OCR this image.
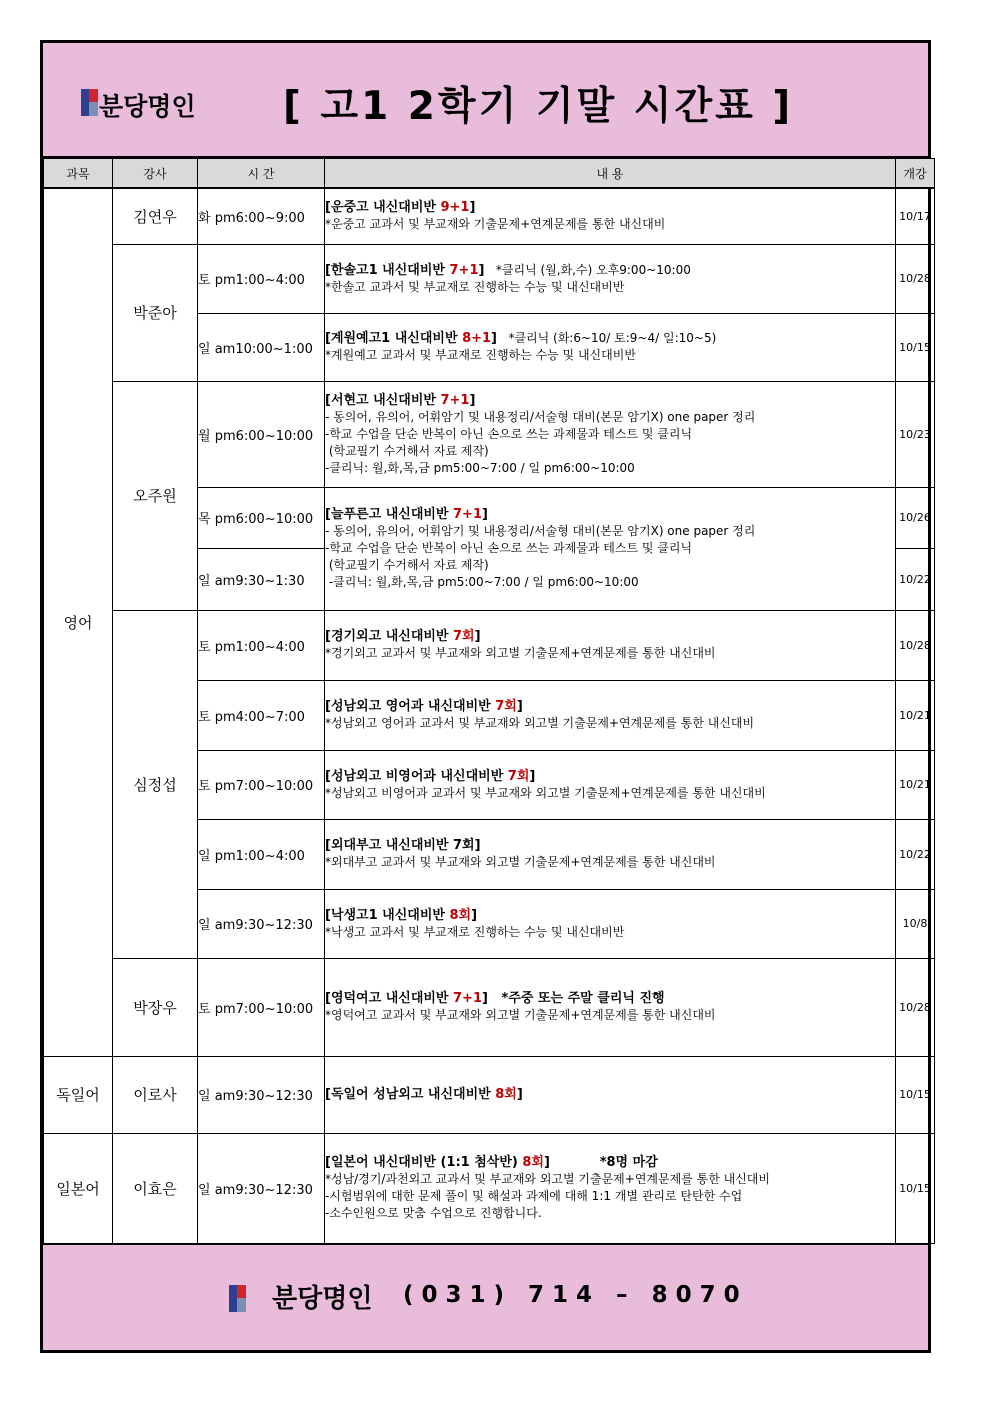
분당명인 [ 고1 2학기 기말 시간표 ]
과목	강사	시 간	내 용	개강
영어	김연우	화 pm6:00~9:00	[운중고 내신대비반 9+1]
*운중고 교과서 및 부교재와 기출문제+연계문제를 통한 내신대비	10/17
	박준아	토 pm1:00~4:00	[한솔고1 내신대비반 7+1]   *클리닉 (월,화,수) 오후9:00~10:00
*한솔고 교과서 및 부교재로 진행하는 수능 및 내신대비반	10/28
		일 am10:00~1:00	[계원예고1 내신대비반 8+1]   *클리닉 (화:6~10/ 토:9~4/ 일:10~5)
*계원예고 교과서 및 부교재로 진행하는 수능 및 내신대비반	10/15
	오주원	월 pm6:00~10:00	[서현고 내신대비반 7+1]
- 동의어, 유의어, 어휘암기 및 내용정리/서술형 대비(본문 암기X) one paper 정리
-학교 수업을 단순 반복이 아닌 손으로 쓰는 과제물과 테스트 및 클리닉
(학교필기 수거해서 자료 제작)
-클리닉: 월,화,목,금 pm5:00~7:00 / 일 pm6:00~10:00	10/23
		목 pm6:00~10:00	[늘푸른고 내신대비반 7+1]
- 동의어, 유의어, 어휘암기 및 내용정리/서술형 대비(본문 암기X) one paper 정리
-학교 수업을 단순 반복이 아닌 손으로 쓰는 과제물과 테스트 및 클리닉
(학교필기 수거해서 자료 제작)
-클리닉: 월,화,목,금 pm5:00~7:00 / 일 pm6:00~10:00	10/26
		일 am9:30~1:30		10/22
	심정섭	토 pm1:00~4:00	[경기외고 내신대비반 7회]
*경기외고 교과서 및 부교재와 외고별 기출문제+연계문제를 통한 내신대비	10/28
		토 pm4:00~7:00	[성남외고 영어과 내신대비반 7회]
*성남외고 영어과 교과서 및 부교재와 외고별 기출문제+연계문제를 통한 내신대비	10/21
		토 pm7:00~10:00	[성남외고 비영어과 내신대비반 7회]
*성남외고 비영어과 교과서 및 부교재와 외고별 기출문제+연계문제를 통한 내신대비	10/21
		일 pm1:00~4:00	[외대부고 내신대비반 7회]
*외대부고 교과서 및 부교재와 외고별 기출문제+연계문제를 통한 내신대비	10/22
		일 am9:30~12:30	[낙생고1 내신대비반 8회]
*낙생고 교과서 및 부교재로 진행하는 수능 및 내신대비반	10/8
	박장우	토 pm7:00~10:00	[영덕여고 내신대비반 7+1]   *주중 또는 주말 클리닉 진행
*영덕여고 교과서 및 부교재와 외고별 기출문제+연계문제를 통한 내신대비	10/28
독일어	이로사	일 am9:30~12:30	[독일어 성남외고 내신대비반 8회]	10/15
일본어	이효은	일 am9:30~12:30	[일본어 내신대비반 (1:1 첨삭반) 8회]           *8명 마감
*성남/경기/과천외고 교과서 및 부교재와 외고별 기출문제+연계문제를 통한 내신대비
-시험범위에 대한 문제 풀이 및 해설과 과제에 대해 1:1 개별 관리로 탄탄한 수업
-소수인원으로 맞춤 수업으로 진행합니다.	10/15
분당명인 (031) 714 – 8070
